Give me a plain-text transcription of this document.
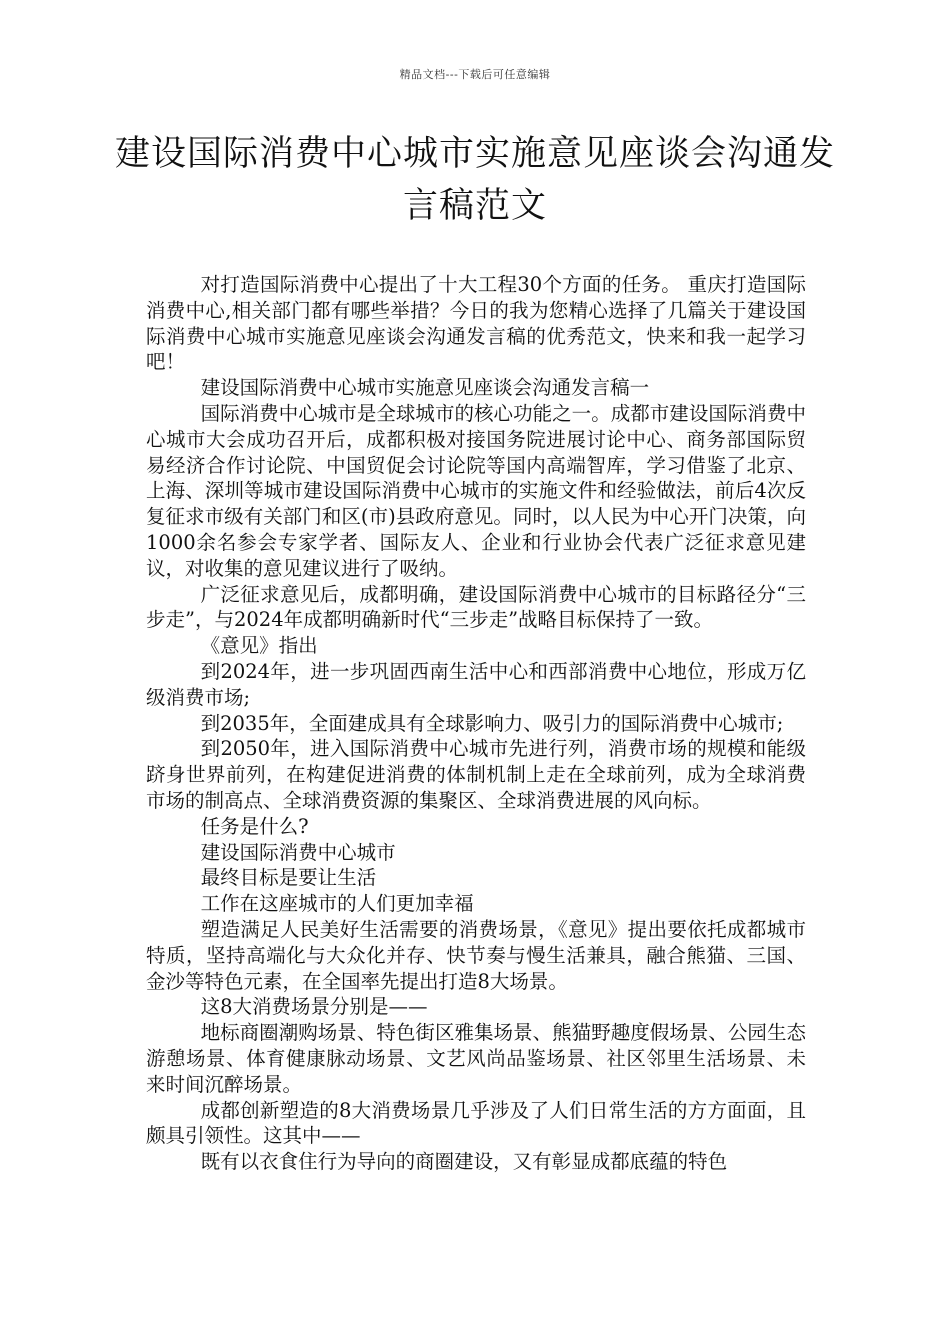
精品文档---下载后可任意编辑
建设国际消费中心城市实施意见座谈会沟通发言稿范文

对打造国际消费中心提出了十大工程30个方面的任务。 重庆打造国际消费中心,相关部门都有哪些举措？今日的我为您精心选择了几篇关于建设国际消费中心城市实施意见座谈会沟通发言稿的优秀范文，快来和我一起学习吧！

建设国际消费中心城市实施意见座谈会沟通发言稿一

国际消费中心城市是全球城市的核心功能之一。成都市建设国际消费中心城市大会成功召开后，成都积极对接国务院进展讨论中心、商务部国际贸易经济合作讨论院、中国贸促会讨论院等国内高端智库，学习借鉴了北京、上海、深圳等城市建设国际消费中心城市的实施文件和经验做法，前后4次反复征求市级有关部门和区(市)县政府意见。同时，以人民为中心开门决策，向1000余名参会专家学者、国际友人、企业和行业协会代表广泛征求意见建议，对收集的意见建议进行了吸纳。

广泛征求意见后，成都明确，建设国际消费中心城市的目标路径分“三步走”，与2024年成都明确新时代“三步走”战略目标保持了一致。

《意见》指出

到2024年，进一步巩固西南生活中心和西部消费中心地位，形成万亿级消费市场;

到2035年，全面建成具有全球影响力、吸引力的国际消费中心城市;

到2050年，进入国际消费中心城市先进行列，消费市场的规模和能级跻身世界前列，在构建促进消费的体制机制上走在全球前列，成为全球消费市场的制高点、全球消费资源的集聚区、全球消费进展的风向标。

任务是什么?

建设国际消费中心城市

最终目标是要让生活

工作在这座城市的人们更加幸福

塑造满足人民美好生活需要的消费场景，《意见》提出要依托成都城市特质，坚持高端化与大众化并存、快节奏与慢生活兼具，融合熊猫、三国、金沙等特色元素，在全国率先提出打造8大场景。

这8大消费场景分别是——

地标商圈潮购场景、特色街区雅集场景、熊猫野趣度假场景、公园生态游憩场景、体育健康脉动场景、文艺风尚品鉴场景、社区邻里生活场景、未来时间沉醉场景。

成都创新塑造的8大消费场景几乎涉及了人们日常生活的方方面面，且颇具引领性。这其中——

既有以衣食住行为导向的商圈建设，又有彰显成都底蕴的特色
